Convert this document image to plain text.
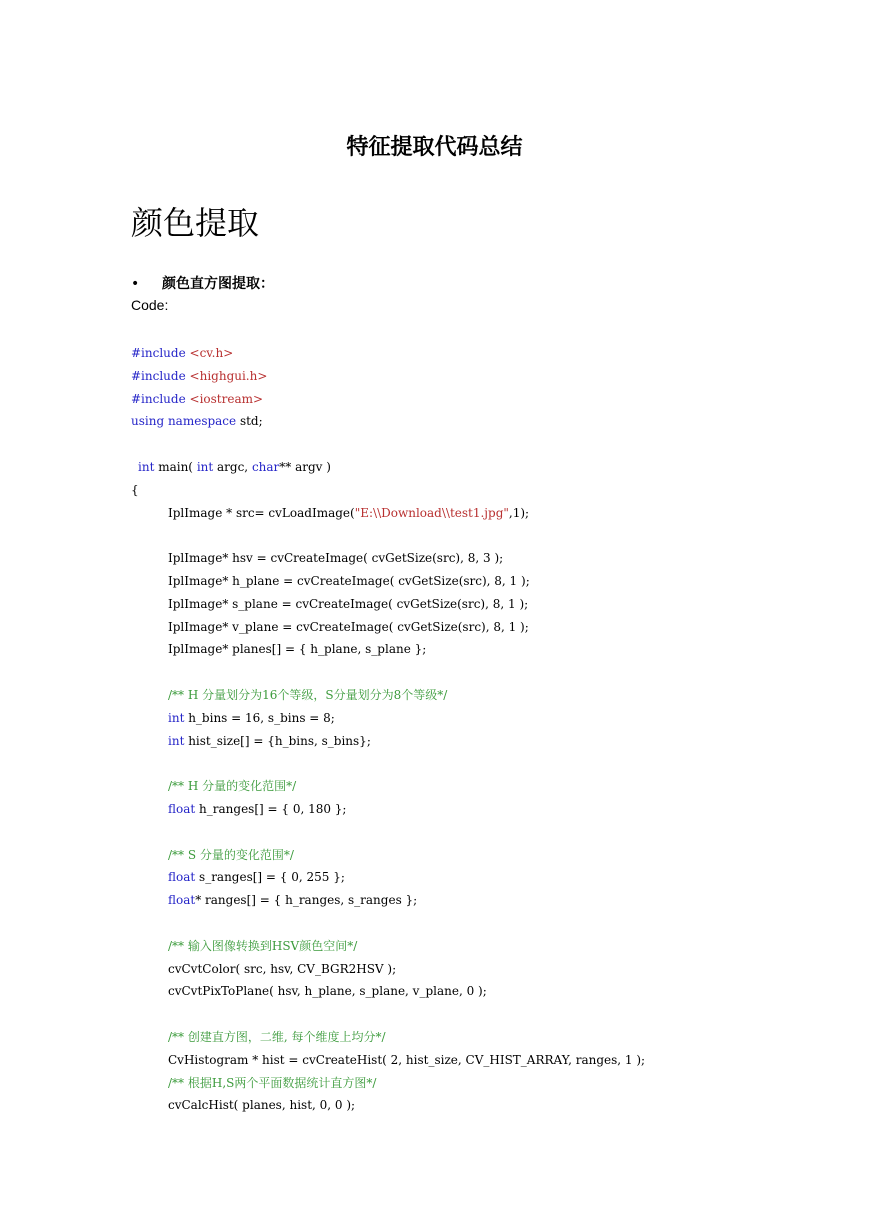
特征提取代码总结
颜色提取
• 颜色直方图提取：
Code:
#include <cv.h>
#include <highgui.h>
#include <iostream>
using namespace std;
int main( int argc, char** argv )
{
IplImage * src= cvLoadImage("E:\\Download\\test1.jpg",1);
IplImage* hsv = cvCreateImage( cvGetSize(src), 8, 3 );
IplImage* h_plane = cvCreateImage( cvGetSize(src), 8, 1 );
IplImage* s_plane = cvCreateImage( cvGetSize(src), 8, 1 );
IplImage* v_plane = cvCreateImage( cvGetSize(src), 8, 1 );
IplImage* planes[] = { h_plane, s_plane };
/** H 分量划分为16个等级，S分量划分为8个等级*/
int h_bins = 16, s_bins = 8;
int hist_size[] = {h_bins, s_bins};
/** H 分量的变化范围*/
float h_ranges[] = { 0, 180 };
/** S 分量的变化范围*/
float s_ranges[] = { 0, 255 };
float* ranges[] = { h_ranges, s_ranges };
/** 输入图像转换到HSV颜色空间*/
cvCvtColor( src, hsv, CV_BGR2HSV );
cvCvtPixToPlane( hsv, h_plane, s_plane, v_plane, 0 );
/** 创建直方图，二维, 每个维度上均分*/
CvHistogram * hist = cvCreateHist( 2, hist_size, CV_HIST_ARRAY, ranges, 1 );
/** 根据H,S两个平面数据统计直方图*/
cvCalcHist( planes, hist, 0, 0 );
